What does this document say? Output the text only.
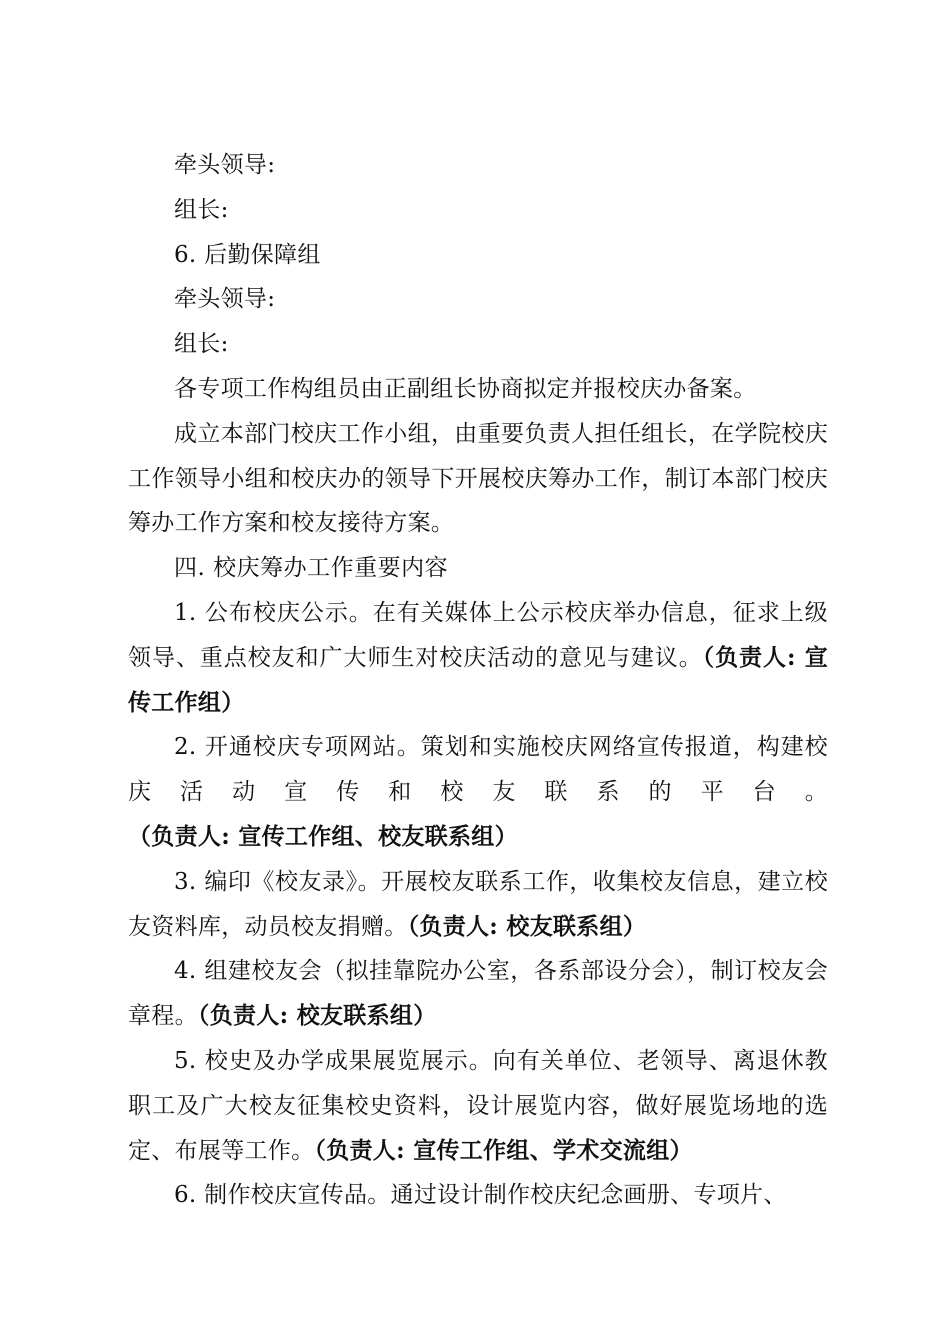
牵头领导:

组长:

6. 后勤保障组

牵头领导:

组长:

各专项工作构组员由正副组长协商拟定并报校庆办备案。

成立本部门校庆工作小组，由重要负责人担任组长，在学院校庆工作领导小组和校庆办的领导下开展校庆筹办工作，制订本部门校庆筹办工作方案和校友接待方案。

四. 校庆筹办工作重要内容

1. 公布校庆公示。在有关媒体上公示校庆举办信息，征求上级领导、重点校友和广大师生对校庆活动的意见与建议。（负责人: 宣传工作组）

2. 开通校庆专项网站。策划和实施校庆网络宣传报道，构建校庆活动宣传和校友联系的平台。（负责人: 宣传工作组、校友联系组）

3. 编印《校友录》。开展校友联系工作，收集校友信息，建立校友资料库，动员校友捐赠。（负责人: 校友联系组）

4. 组建校友会（拟挂靠院办公室，各系部设分会），制订校友会章程。（负责人: 校友联系组）

5. 校史及办学成果展览展示。向有关单位、老领导、离退休教职工及广大校友征集校史资料，设计展览内容，做好展览场地的选定、布展等工作。（负责人: 宣传工作组、学术交流组）

6. 制作校庆宣传品。通过设计制作校庆纪念画册、专项片、
